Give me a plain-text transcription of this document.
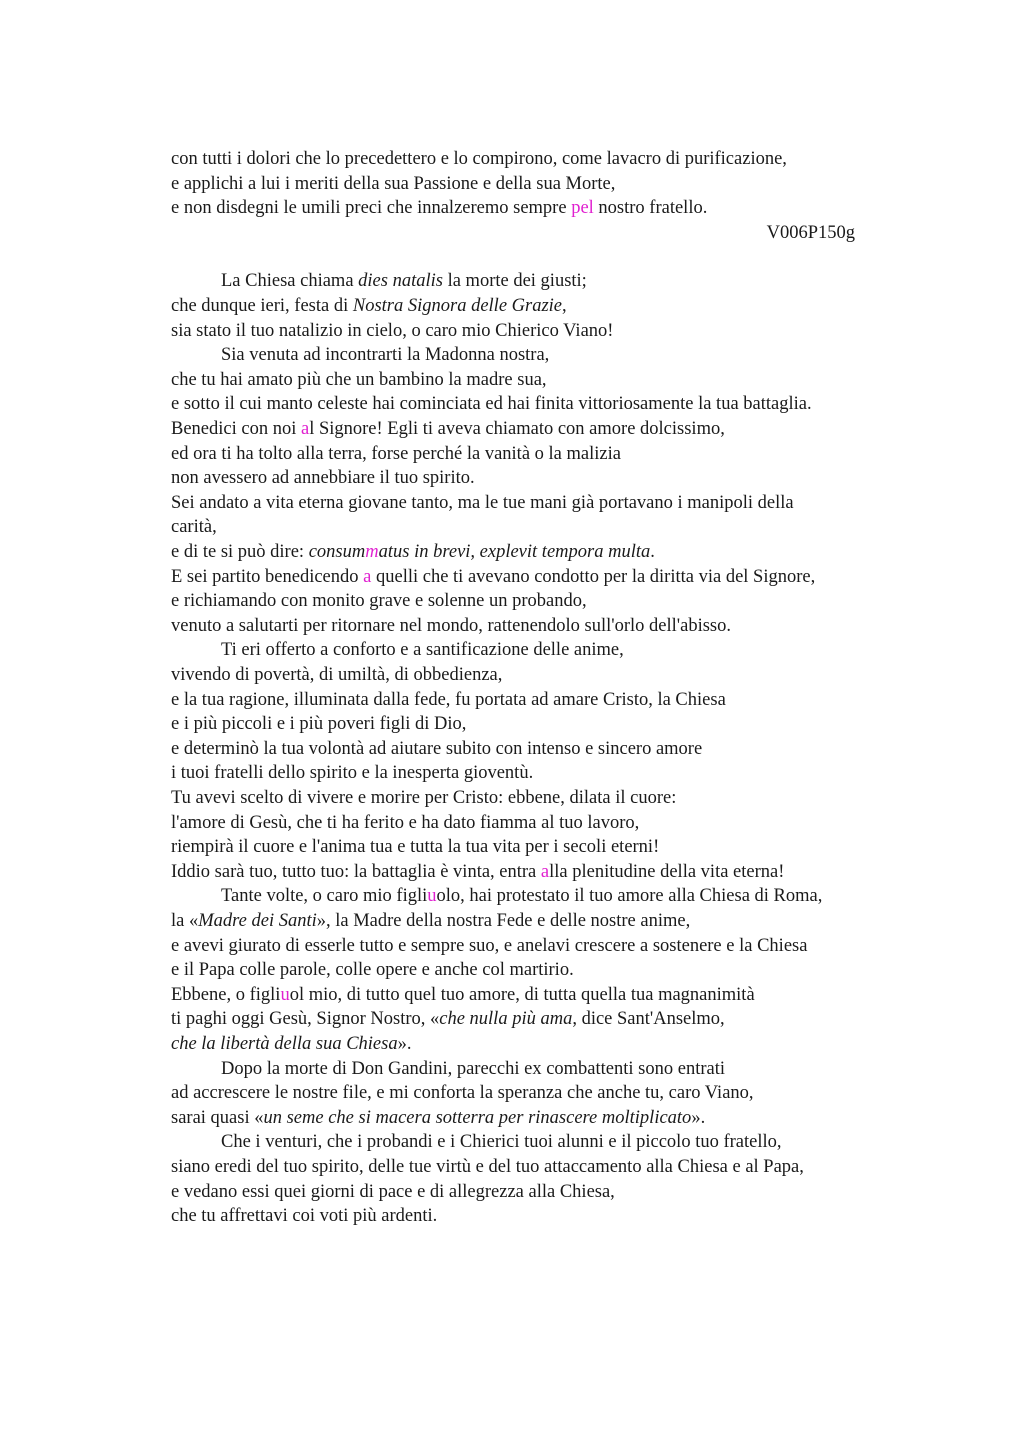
con tutti i dolori che lo precedettero e lo compirono, come lavacro di purificazione,
e applichi a lui i meriti della sua Passione e della sua Morte,
e non disdegni le umili preci che innalzeremo sempre pel nostro fratello.
V006P150g
La Chiesa chiama dies natalis la morte dei giusti;
che dunque ieri, festa di Nostra Signora delle Grazie,
sia stato il tuo natalizio in cielo, o caro mio Chierico Viano!
Sia venuta ad incontrarti la Madonna nostra,
che tu hai amato più che un bambino la madre sua,
e sotto il cui manto celeste hai cominciata ed hai finita vittoriosamente la tua battaglia.
Benedici con noi al Signore! Egli ti aveva chiamato con amore dolcissimo,
ed ora ti ha tolto alla terra, forse perché la vanità o la malizia
non avessero ad annebbiare il tuo spirito.
Sei andato a vita eterna giovane tanto, ma le tue mani già portavano i manipoli della
carità,
e di te si può dire: consummatus in brevi, explevit tempora multa.
E sei partito benedicendo a quelli che ti avevano condotto per la diritta via del Signore,
e richiamando con monito grave e solenne un probando,
venuto a salutarti per ritornare nel mondo, rattenendolo sull'orlo dell'abisso.
Ti eri offerto a conforto e a santificazione delle anime,
vivendo di povertà, di umiltà, di obbedienza,
e la tua ragione, illuminata dalla fede, fu portata ad amare Cristo, la Chiesa
e i più piccoli e i più poveri figli di Dio,
e determinò la tua volontà ad aiutare subito con intenso e sincero amore
i tuoi fratelli dello spirito e la inesperta gioventù.
Tu avevi scelto di vivere e morire per Cristo: ebbene, dilata il cuore:
l'amore di Gesù, che ti ha ferito e ha dato fiamma al tuo lavoro,
riempirà il cuore e l'anima tua e tutta la tua vita per i secoli eterni!
Iddio sarà tuo, tutto tuo: la battaglia è vinta, entra alla plenitudine della vita eterna!
Tante volte, o caro mio figliuolo, hai protestato il tuo amore alla Chiesa di Roma,
la «Madre dei Santi», la Madre della nostra Fede e delle nostre anime,
e avevi giurato di esserle tutto e sempre suo, e anelavi crescere a sostenere e la Chiesa
e il Papa colle parole, colle opere e anche col martirio.
Ebbene, o figliuol mio, di tutto quel tuo amore, di tutta quella tua magnanimità
ti paghi oggi Gesù, Signor Nostro, «che nulla più ama, dice Sant'Anselmo,
che la libertà della sua Chiesa».
Dopo la morte di Don Gandini, parecchi ex combattenti sono entrati
ad accrescere le nostre file, e mi conforta la speranza che anche tu, caro Viano,
sarai quasi «un seme che si macera sotterra per rinascere moltiplicato».
Che i venturi, che i probandi e i Chierici tuoi alunni e il piccolo tuo fratello,
siano eredi del tuo spirito, delle tue virtù e del tuo attaccamento alla Chiesa e al Papa,
e vedano essi quei giorni di pace e di allegrezza alla Chiesa,
che tu affrettavi coi voti più ardenti.
